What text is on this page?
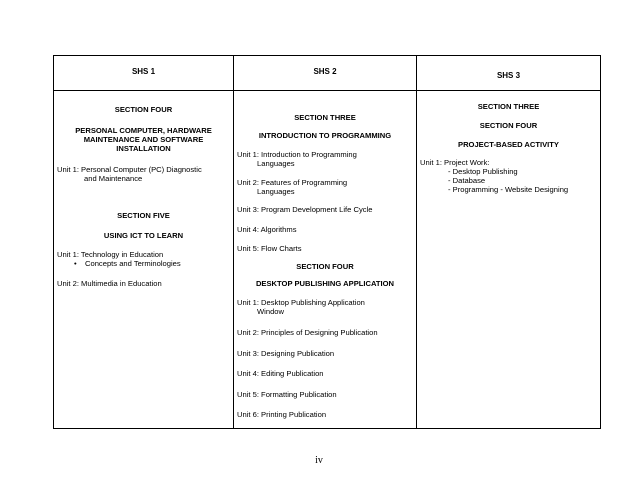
SHS 1
SECTION FOUR
PERSONAL COMPUTER, HARDWARE
MAINTENANCE AND SOFTWARE
INSTALLATION
Unit 1: Personal Computer (PC) Diagnostic
and Maintenance
SECTION FIVE
USING ICT TO LEARN
Unit 1: Technology in Education
• Concepts and Terminologies
Unit 2: Multimedia in Education
SHS 2
SECTION THREE
INTRODUCTION TO PROGRAMMING
Unit 1: Introduction to Programming
Languages
Unit 2: Features of Programming
Languages
Unit 3: Program Development Life Cycle
Unit 4: Algorithms
Unit 5: Flow Charts
SECTION FOUR
DESKTOP PUBLISHING APPLICATION
Unit 1: Desktop Publishing Application
Window
Unit 2: Principles of Designing Publication
Unit 3: Designing Publication
Unit 4: Editing Publication
Unit 5: Formatting Publication
Unit 6: Printing Publication
SHS 3
SECTION THREE
SECTION FOUR
PROJECT-BASED ACTIVITY
Unit 1: Project Work:
- Desktop Publishing
- Database
- Programming - Website Designing
iv
